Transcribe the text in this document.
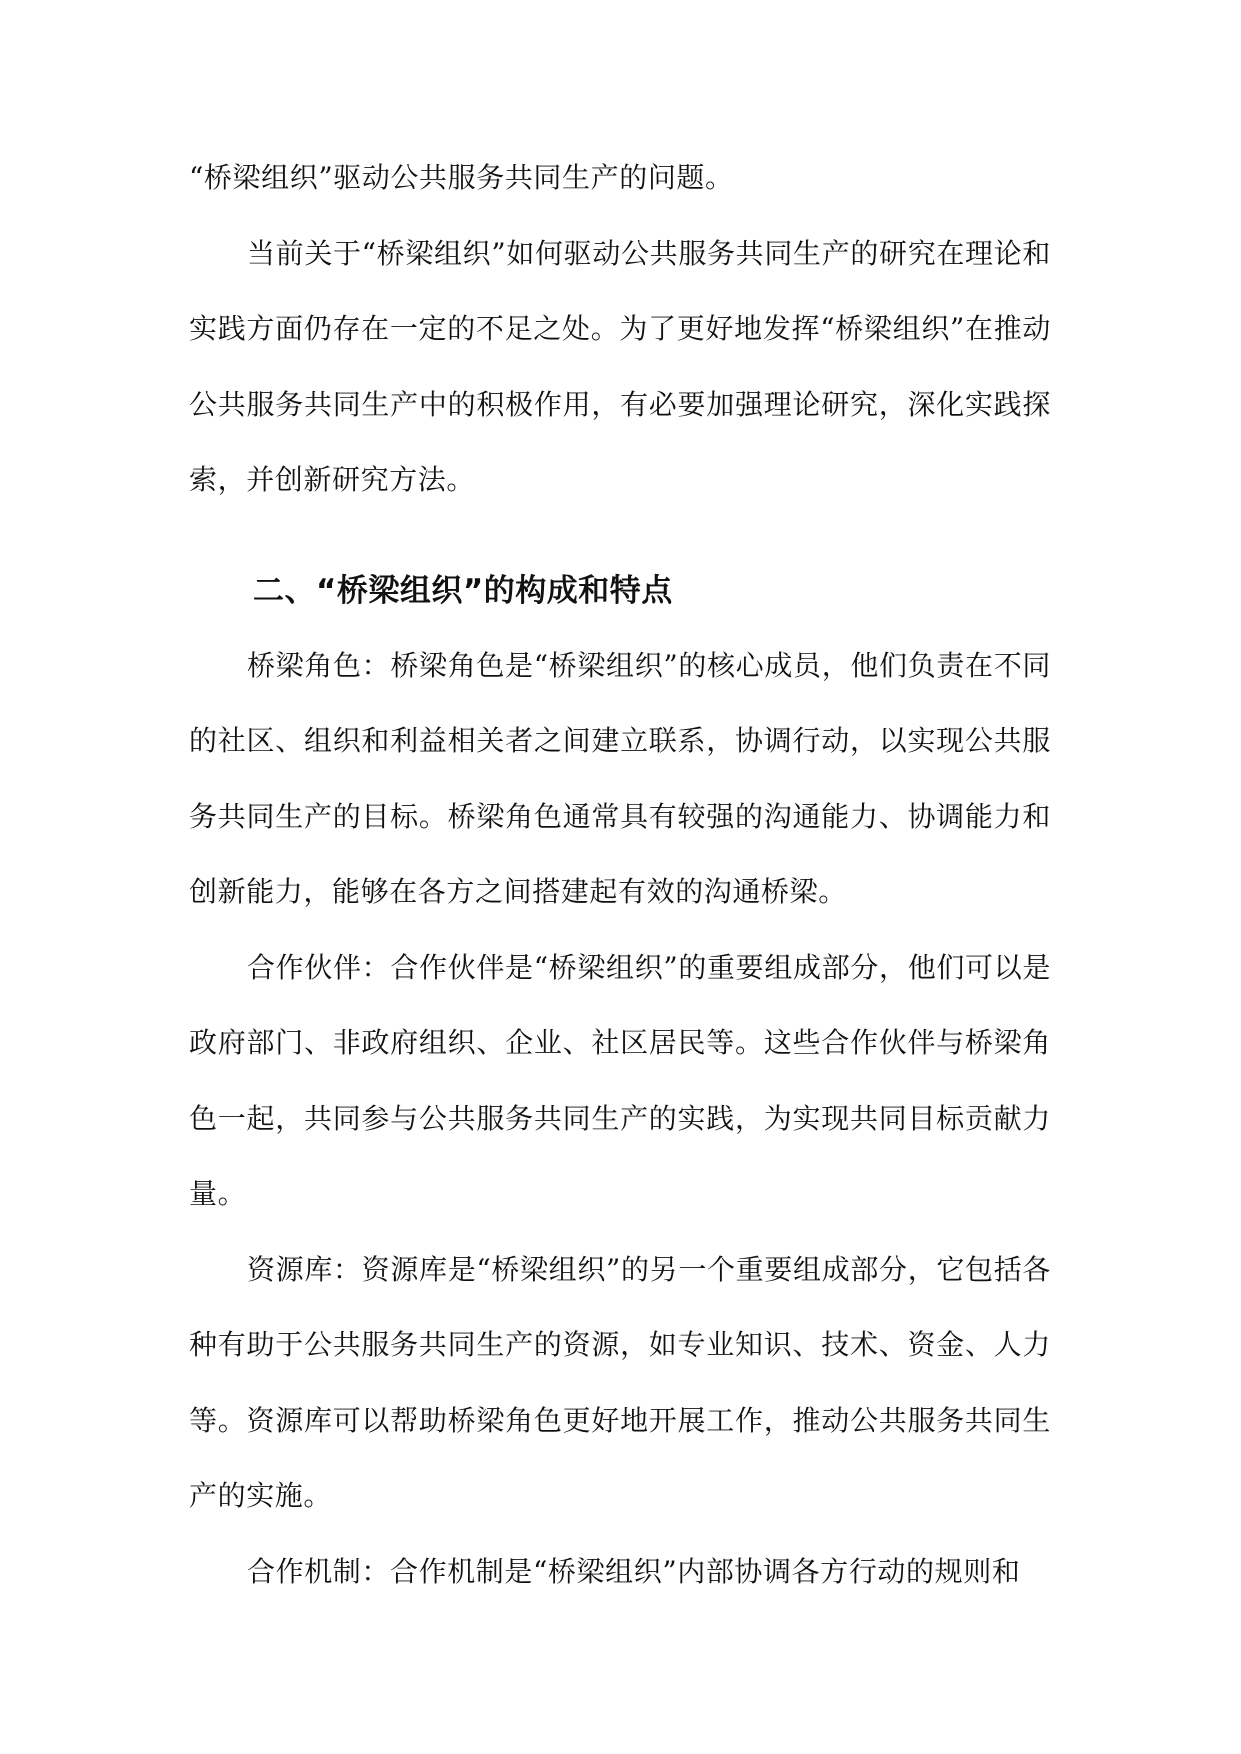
“桥梁组织”驱动公共服务共同生产的问题。

当前关于“桥梁组织”如何驱动公共服务共同生产的研究在理论和实践方面仍存在一定的不足之处。为了更好地发挥“桥梁组织”在推动公共服务共同生产中的积极作用，有必要加强理论研究，深化实践探索，并创新研究方法。

二、“桥梁组织”的构成和特点

桥梁角色：桥梁角色是“桥梁组织”的核心成员，他们负责在不同的社区、组织和利益相关者之间建立联系，协调行动，以实现公共服务共同生产的目标。桥梁角色通常具有较强的沟通能力、协调能力和创新能力，能够在各方之间搭建起有效的沟通桥梁。

合作伙伴：合作伙伴是“桥梁组织”的重要组成部分，他们可以是政府部门、非政府组织、企业、社区居民等。这些合作伙伴与桥梁角色一起，共同参与公共服务共同生产的实践，为实现共同目标贡献力量。

资源库：资源库是“桥梁组织”的另一个重要组成部分，它包括各种有助于公共服务共同生产的资源，如专业知识、技术、资金、人力等。资源库可以帮助桥梁角色更好地开展工作，推动公共服务共同生产的实施。

合作机制：合作机制是“桥梁组织”内部协调各方行动的规则和
